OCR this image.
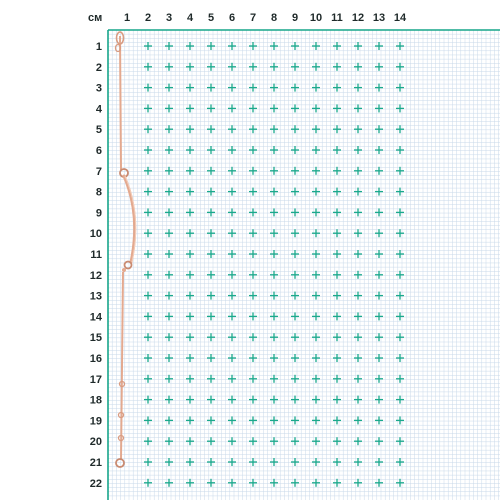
см 1 2 3 4 5 6 7 8 9 10 11 12 13 14
1
2
3
4
5
6
7
8
9
10
11
12
13
14
15
16
17
18
19
20
21
22
